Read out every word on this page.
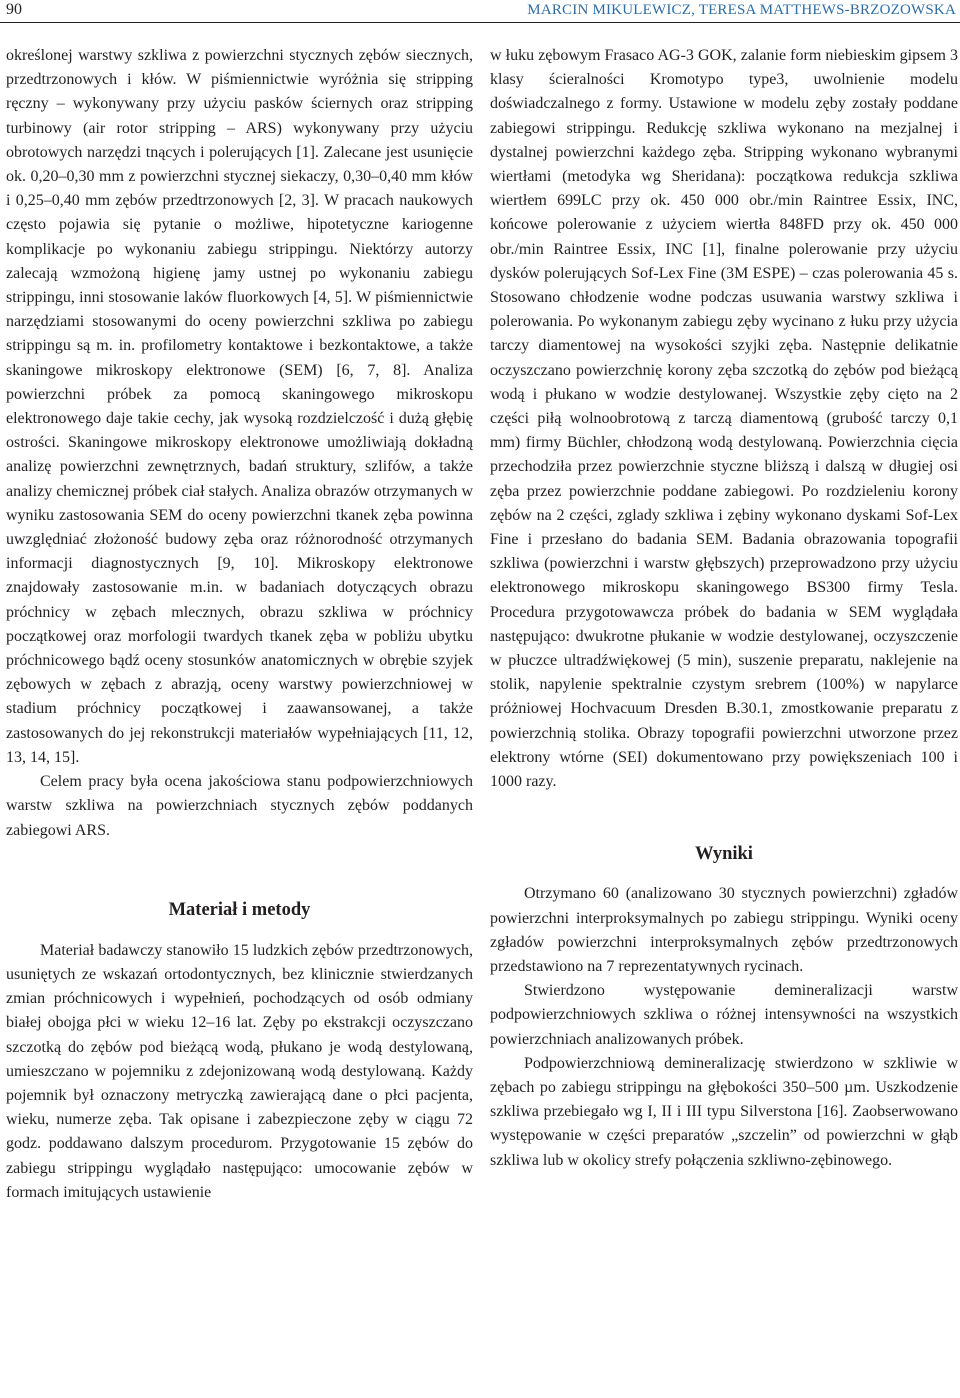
90	MARCIN MIKULEWICZ, TERESA MATTHEWS-BRZOZOWSKA

określonej warstwy szkliwa z powierzchni stycznych zębów siecznych, przedtrzonowych i kłów. W piśmiennictwie wyróżnia się stripping ręczny – wykonywany przy użyciu pasków ściernych oraz stripping turbinowy (air rotor stripping – ARS) wykonywany przy użyciu obrotowych narzędzi tnących i polerujących [1]. Zalecane jest usunięcie ok. 0,20–0,30 mm z powierzchni stycznej siekaczy, 0,30–0,40 mm kłów i 0,25–0,40 mm zębów przedtrzonowych [2, 3]. W pracach naukowych często pojawia się pytanie o możliwe, hipotetyczne kariogenne komplikacje po wykonaniu zabiegu strippingu. Niektórzy autorzy zalecają wzmożoną higienę jamy ustnej po wykonaniu zabiegu strippingu, inni stosowanie laków fluorkowych [4, 5]. W piśmiennictwie narzędziami stosowanymi do oceny powierzchni szkliwa po zabiegu strippingu są m. in. profilometry kontaktowe i bezkontaktowe, a także skaningowe mikroskopy elektronowe (SEM) [6, 7, 8]. Analiza powierzchni próbek za pomocą skaningowego mikroskopu elektronowego daje takie cechy, jak wysoką rozdzielczość i dużą głębię ostrości. Skaningowe mikroskopy elektronowe umożliwiają dokładną analizę powierzchni zewnętrznych, badań struktury, szlifów, a także analizy chemicznej próbek ciał stałych. Analiza obrazów otrzymanych w wyniku zastosowania SEM do oceny powierzchni tkanek zęba powinna uwzględniać złożoność budowy zęba oraz różnorodność otrzymanych informacji diagnostycznych [9, 10]. Mikroskopy elektronowe znajdowały zastosowanie m.in. w badaniach dotyczących obrazu próchnicy w zębach mlecznych, obrazu szkliwa w próchnicy początkowej oraz morfologii twardych tkanek zęba w pobliżu ubytku próchnicowego bądź oceny stosunków anatomicznych w obrębie szyjek zębowych w zębach z abrazją, oceny warstwy powierzchniowej w stadium próchnicy początkowej i zaawansowanej, a także zastosowanych do jej rekonstrukcji materiałów wypełniających [11, 12, 13, 14, 15].

Celem pracy była ocena jakościowa stanu podpowierzchniowych warstw szkliwa na powierzchniach stycznych zębów poddanych zabiegowi ARS.

Materiał i metody

Materiał badawczy stanowiło 15 ludzkich zębów przedtrzonowych, usuniętych ze wskazań ortodontycznych, bez klinicznie stwierdzanych zmian próchnicowych i wypełnień, pochodzących od osób odmiany białej obojga płci w wieku 12–16 lat. Zęby po ekstrakcji oczyszczano szczotką do zębów pod bieżącą wodą, płukano je wodą destylowaną, umieszczano w pojemniku z zdejonizowaną wodą destylowaną. Każdy pojemnik był oznaczony metryczką zawierającą dane o płci pacjenta, wieku, numerze zęba. Tak opisane i zabezpieczone zęby w ciągu 72 godz. poddawano dalszym procedurom. Przygotowanie 15 zębów do zabiegu strippingu wyglądało następująco: umocowanie zębów w formach imitujących ustawienie

w łuku zębowym Frasaco AG-3 GOK, zalanie form niebieskim gipsem 3 klasy ścieralności Kromotypo type3, uwolnienie modelu doświadczalnego z formy. Ustawione w modelu zęby zostały poddane zabiegowi strippingu. Redukcję szkliwa wykonano na mezjalnej i dystalnej powierzchni każdego zęba. Stripping wykonano wybranymi wiertłami (metodyka wg Sheridana): początkowa redukcja szkliwa wiertłem 699LC przy ok. 450 000 obr./min Raintree Essix, INC, końcowe polerowanie z użyciem wiertła 848FD przy ok. 450 000 obr./min Raintree Essix, INC [1], finalne polerowanie przy użyciu dysków polerujących Sof-Lex Fine (3M ESPE) – czas polerowania 45 s. Stosowano chłodzenie wodne podczas usuwania warstwy szkliwa i polerowania. Po wykonanym zabiegu zęby wycinano z łuku przy użycia tarczy diamentowej na wysokości szyjki zęba. Następnie delikatnie oczyszczano powierzchnię korony zęba szczotką do zębów pod bieżącą wodą i płukano w wodzie destylowanej. Wszystkie zęby cięto na 2 części piłą wolnoobrotową z tarczą diamentową (grubość tarczy 0,1 mm) firmy Büchler, chłodzoną wodą destylowaną. Powierzchnia cięcia przechodziła przez powierzchnie styczne bliższą i dalszą w długiej osi zęba przez powierzchnie poddane zabiegowi. Po rozdzieleniu korony zębów na 2 części, zglady szkliwa i zębiny wykonano dyskami Sof-Lex Fine i przesłano do badania SEM. Badania obrazowania topografii szkliwa (powierzchni i warstw głębszych) przeprowadzono przy użyciu elektronowego mikroskopu skaningowego BS300 firmy Tesla. Procedura przygotowawcza próbek do badania w SEM wyglądała następująco: dwukrotne płukanie w wodzie destylowanej, oczyszczenie w płuczce ultradźwiękowej (5 min), suszenie preparatu, naklejenie na stolik, napylenie spektralnie czystym srebrem (100%) w napylarce próżniowej Hochvacuum Dresden B.30.1, zmostkowanie preparatu z powierzchnią stolika. Obrazy topografii powierzchni utworzone przez elektrony wtórne (SEI) dokumentowano przy powiększeniach 100 i 1000 razy.

Wyniki

Otrzymano 60 (analizowano 30 stycznych powierzchni) zgładów powierzchni interproksymalnych po zabiegu strippingu. Wyniki oceny zgładów powierzchni interproksymalnych zębów przedtrzonowych przedstawiono na 7 reprezentatywnych rycinach.

Stwierdzono występowanie demineralizacji warstw podpowierzchniowych szkliwa o różnej intensywności na wszystkich powierzchniach analizowanych próbek.

Podpowierzchniową demineralizację stwierdzono w szkliwie w zębach po zabiegu strippingu na głębokości 350–500 µm. Uszkodzenie szkliwa przebiegało wg I, II i III typu Silverstona [16]. Zaobserwowano występowanie w części preparatów „szczelin” od powierzchni w głąb szkliwa lub w okolicy strefy połączenia szkliwno-zębinowego.
